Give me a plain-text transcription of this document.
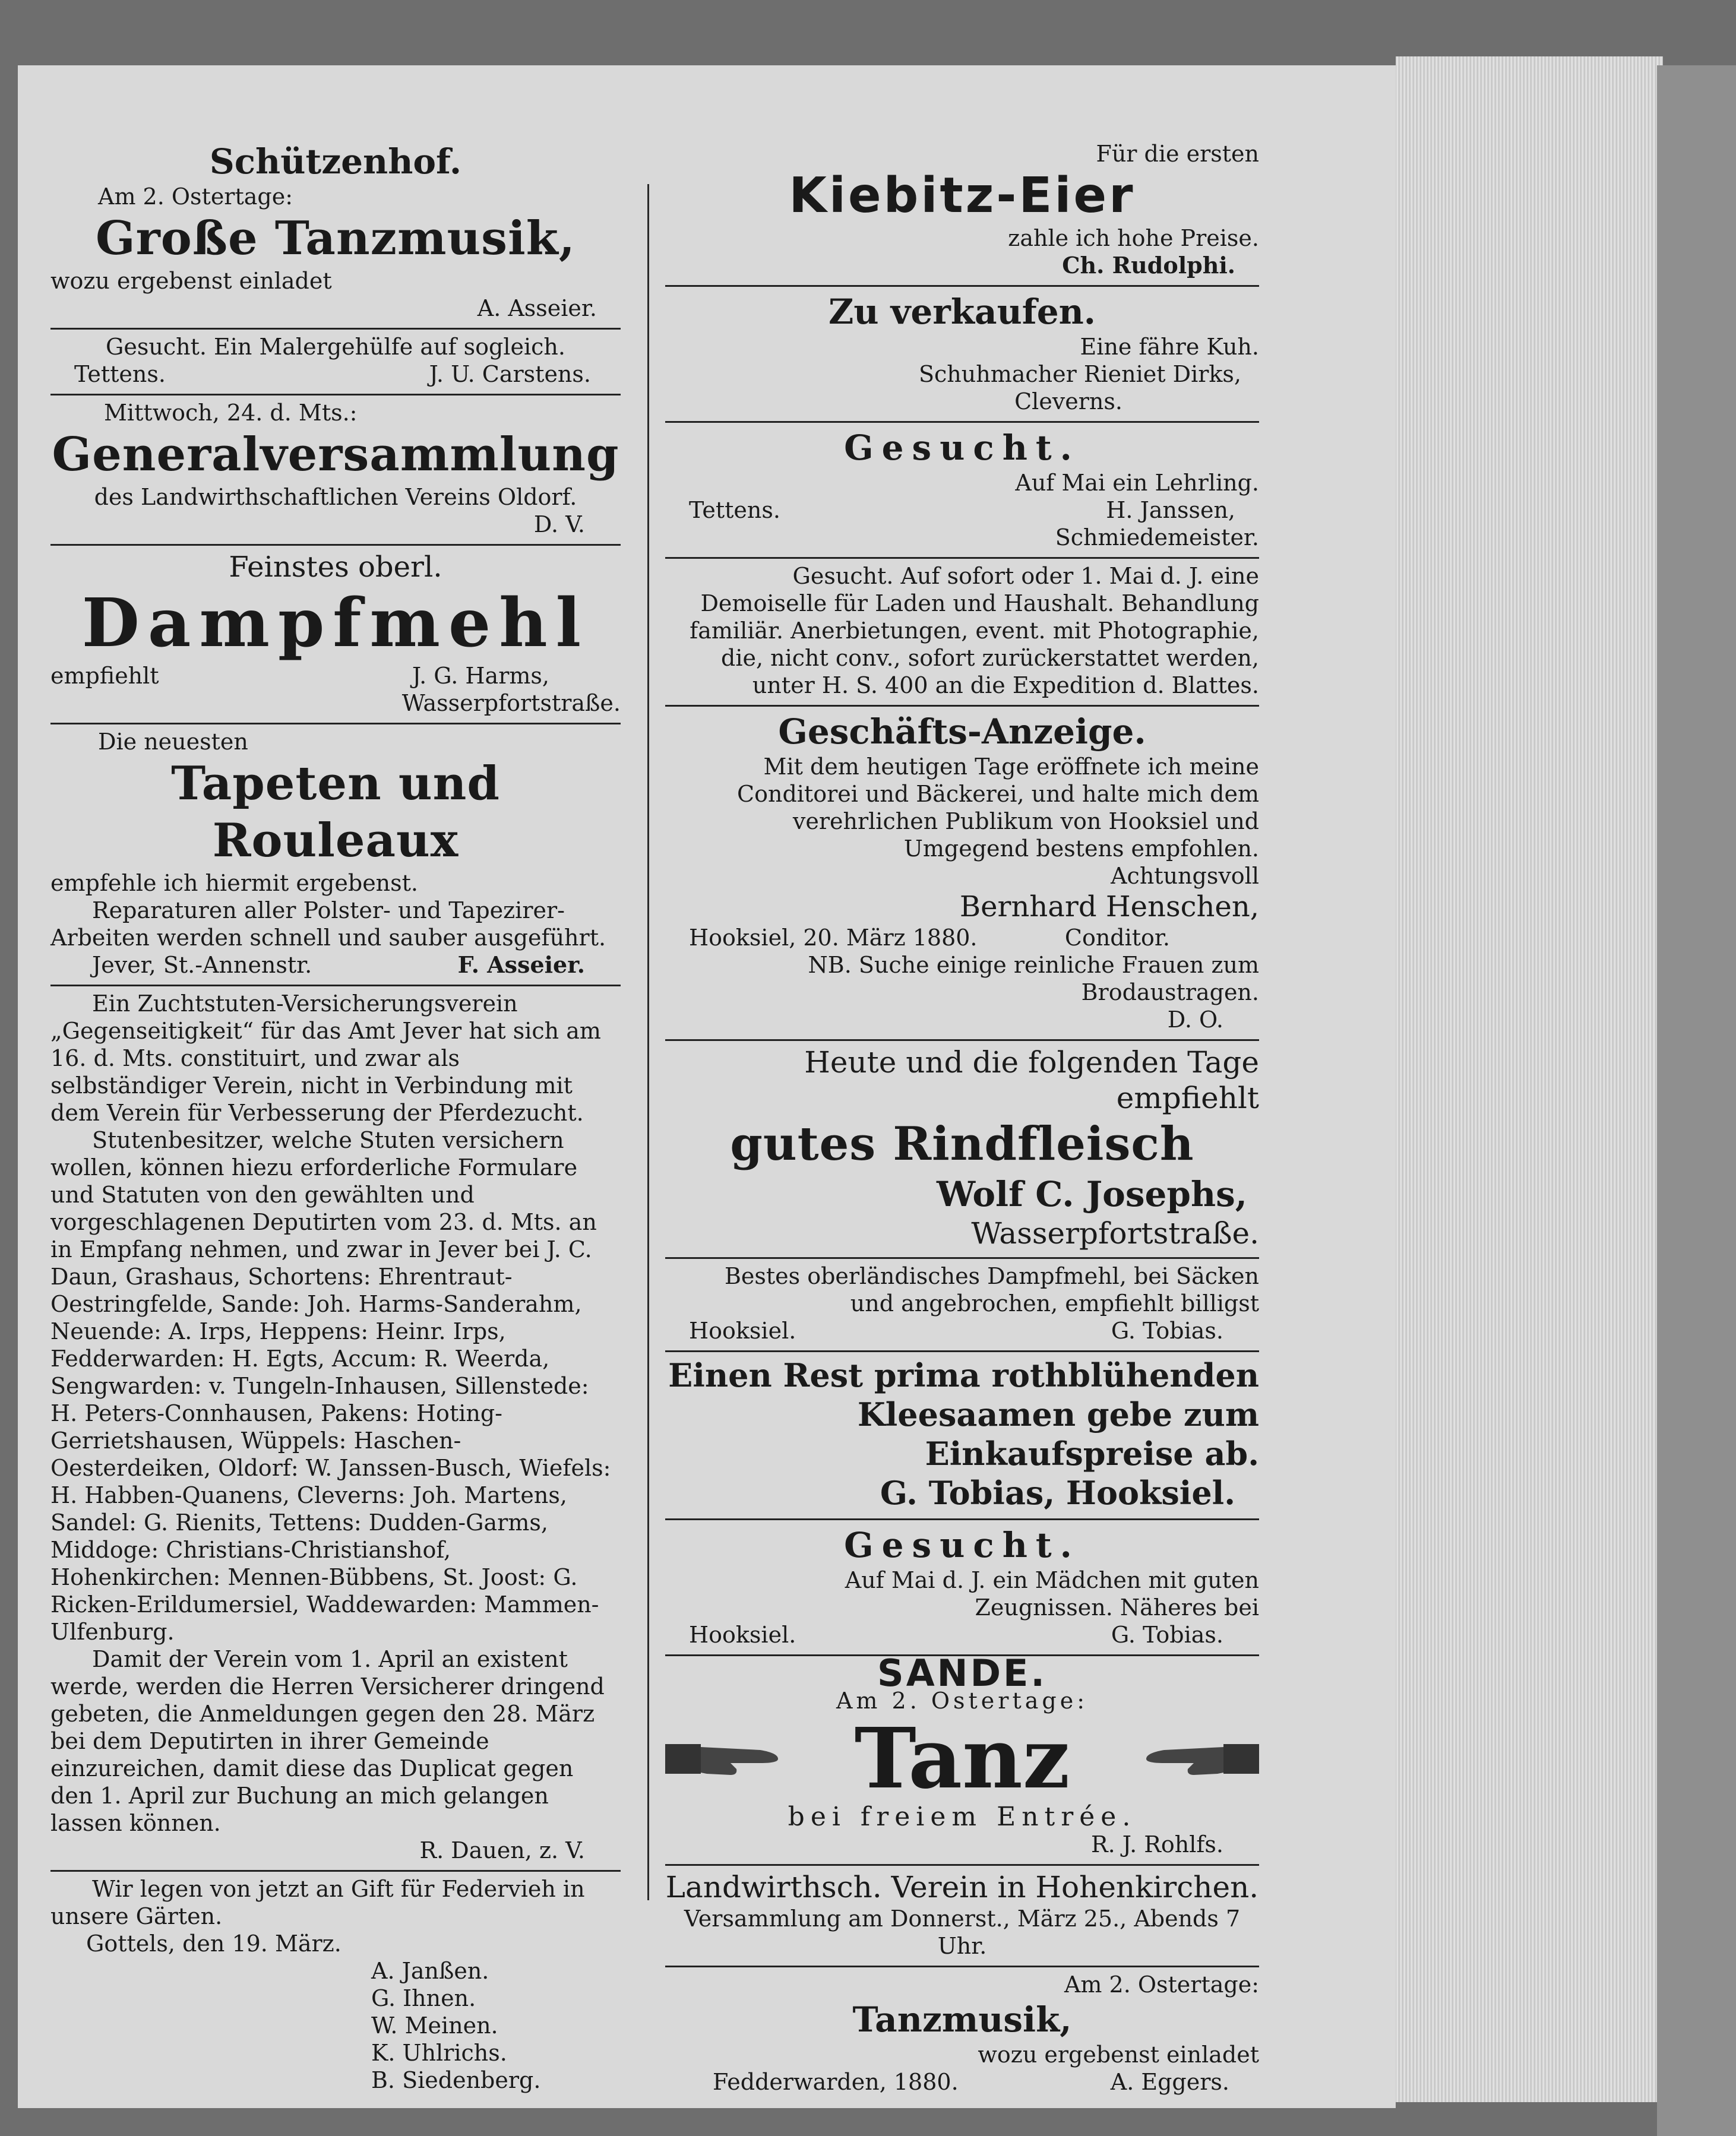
Schützenhof.
Am 2. Ostertage:
Große Tanzmusik,
wozu ergebenst einladet
A. Asseier.
Gesucht. Ein Malergehülfe auf sogleich.
Tettens.	J. U. Carstens.
Mittwoch, 24. d. Mts.:
Generalversammlung
des Landwirthschaftlichen Vereins Oldorf.
D. V.
Feinstes oberl.
Dampfmehl
empfiehlt	J. G. Harms,
Wasserpfortstraße.
Die neuesten
Tapeten und Rouleaux
empfehle ich hiermit ergebenst.
Reparaturen aller Polster- und Tapezirer-Arbeiten werden schnell und sauber ausgeführt.
Jever, St.-Annenstr.	F. Asseier.
Ein Zuchtstuten-Versicherungsverein „Gegenseitigkeit“ für das Amt Jever hat sich am 16. d. Mts. constituirt, und zwar als selbständiger Verein, nicht in Verbindung mit dem Verein für Verbesserung der Pferdezucht.
Stutenbesitzer, welche Stuten versichern wollen, können hiezu erforderliche Formulare und Statuten von den gewählten und vorgeschlagenen Deputirten vom 23. d. Mts. an in Empfang nehmen, und zwar in Jever bei J. C. Daun, Grashaus, Schortens: Ehrentraut-Oestringfelde, Sande: Joh. Harms-Sanderahm, Neuende: A. Irps, Heppens: Heinr. Irps, Fedderwarden: H. Egts, Accum: R. Weerda, Sengwarden: v. Tungeln-Inhausen, Sillenstede: H. Peters-Connhausen, Pakens: Hoting-Gerrietshausen, Wüppels: Haschen-Oesterdeiken, Oldorf: W. Janssen-Busch, Wiefels: H. Habben-Quanens, Cleverns: Joh. Martens, Sandel: G. Rienits, Tettens: Dudden-Garms, Middoge: Christians-Christianshof, Hohenkirchen: Mennen-Bübbens, St. Joost: G. Ricken-Erildumersiel, Waddewarden: Mammen-Ulfenburg.
Damit der Verein vom 1. April an existent werde, werden die Herren Versicherer dringend gebeten, die Anmeldungen gegen den 28. März bei dem Deputirten in ihrer Gemeinde einzureichen, damit diese das Duplicat gegen den 1. April zur Buchung an mich gelangen lassen können.
R. Dauen, z. V.
Wir legen von jetzt an Gift für Federvieh in unsere Gärten.
Gottels, den 19. März.
A. Janßen.
G. Ihnen.
W. Meinen.
K. Uhlrichs.
B. Siedenberg.
Für die ersten
Kiebitz-Eier
zahle ich hohe Preise.
Ch. Rudolphi.
Zu verkaufen.
Eine fähre Kuh.
Schuhmacher Rieniet Dirks,
Cleverns.
Gesucht.
Auf Mai ein Lehrling.
Tettens.	H. Janssen,
Schmiedemeister.
Gesucht. Auf sofort oder 1. Mai d. J. eine Demoiselle für Laden und Haushalt. Behandlung familiär. Anerbietungen, event. mit Photographie, die, nicht conv., sofort zurückerstattet werden, unter H. S. 400 an die Expedition d. Blattes.
Geschäfts-Anzeige.
Mit dem heutigen Tage eröffnete ich meine Conditorei und Bäckerei, und halte mich dem verehrlichen Publikum von Hooksiel und Umgegend bestens empfohlen.
Achtungsvoll
Bernhard Henschen,
Hooksiel, 20. März 1880.	Conditor.
NB. Suche einige reinliche Frauen zum Brodaustragen.
D. O.
Heute und die folgenden Tage empfiehlt
gutes Rindfleisch
Wolf C. Josephs,
Wasserpfortstraße.
Bestes oberländisches Dampfmehl, bei Säcken und angebrochen, empfiehlt billigst
Hooksiel.	G. Tobias.
Einen Rest prima rothblühenden Kleesaamen gebe zum Einkaufspreise ab.
G. Tobias, Hooksiel.
Gesucht.
Auf Mai d. J. ein Mädchen mit guten Zeugnissen. Näheres bei
Hooksiel.	G. Tobias.
SANDE.
Am 2. Ostertage:
Tanz
bei freiem Entrée.
R. J. Rohlfs.
Landwirthsch. Verein in Hohenkirchen.
Versammlung am Donnerst., März 25., Abends 7 Uhr.
Am 2. Ostertage:
Tanzmusik,
wozu ergebenst einladet
Fedderwarden, 1880.	A. Eggers.
